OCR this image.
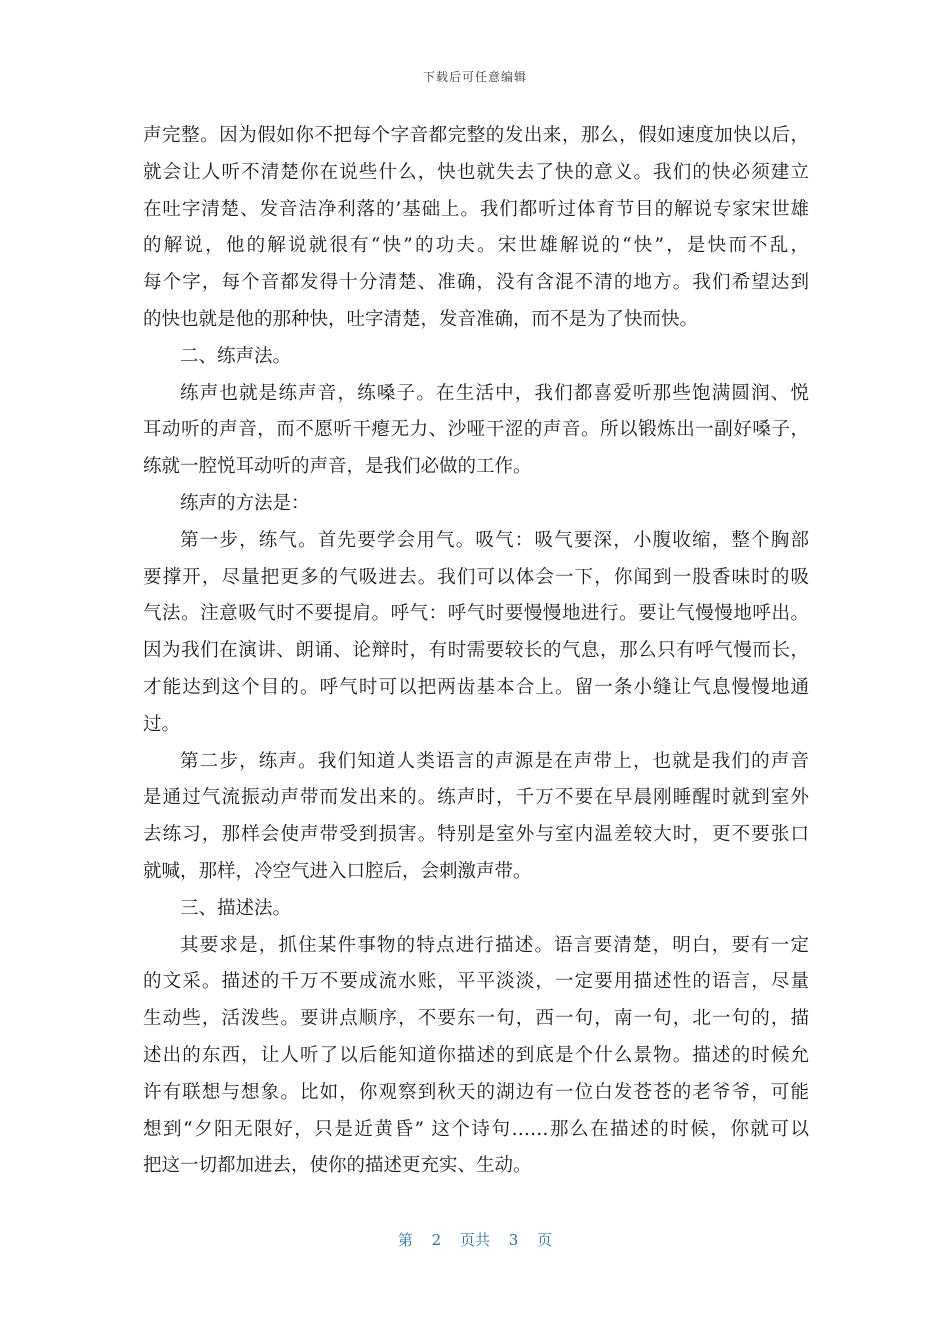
下载后可任意编辑
声完整。因为假如你不把每个字音都完整的发出来，那么，假如速度加快以后，
就会让人听不清楚你在说些什么，快也就失去了快的意义。我们的快必须建立
在吐字清楚、发音洁净利落的’基础上。我们都听过体育节目的解说专家宋世雄
的解说，他的解说就很有“快”的功夫。宋世雄解说的“快”，是快而不乱，
每个字，每个音都发得十分清楚、准确，没有含混不清的地方。我们希望达到
的快也就是他的那种快，吐字清楚，发音准确，而不是为了快而快。
二、练声法。
练声也就是练声音，练嗓子。在生活中，我们都喜爱听那些饱满圆润、悦
耳动听的声音，而不愿听干瘪无力、沙哑干涩的声音。所以锻炼出一副好嗓子，
练就一腔悦耳动听的声音，是我们必做的工作。
练声的方法是：
第一步，练气。首先要学会用气。吸气：吸气要深，小腹收缩，整个胸部
要撑开，尽量把更多的气吸进去。我们可以体会一下，你闻到一股香味时的吸
气法。注意吸气时不要提肩。呼气：呼气时要慢慢地进行。要让气慢慢地呼出。
因为我们在演讲、朗诵、论辩时，有时需要较长的气息，那么只有呼气慢而长，
才能达到这个目的。呼气时可以把两齿基本合上。留一条小缝让气息慢慢地通
过。
第二步，练声。我们知道人类语言的声源是在声带上，也就是我们的声音
是通过气流振动声带而发出来的。练声时，千万不要在早晨刚睡醒时就到室外
去练习，那样会使声带受到损害。特别是室外与室内温差较大时，更不要张口
就喊，那样，冷空气进入口腔后，会刺激声带。
三、描述法。
其要求是，抓住某件事物的特点进行描述。语言要清楚，明白，要有一定
的文采。描述的千万不要成流水账，平平淡淡，一定要用描述性的语言，尽量
生动些，活泼些。要讲点顺序，不要东一句，西一句，南一句，北一句的，描
述出的东西，让人听了以后能知道你描述的到底是个什么景物。描述的时候允
许有联想与想象。比如，你观察到秋天的湖边有一位白发苍苍的老爷爷，可能
想到“夕阳无限好，只是近黄昏” 这个诗句……那么在描述的时候，你就可以
把这一切都加进去，使你的描述更充实、生动。
第 2 页共 3 页
